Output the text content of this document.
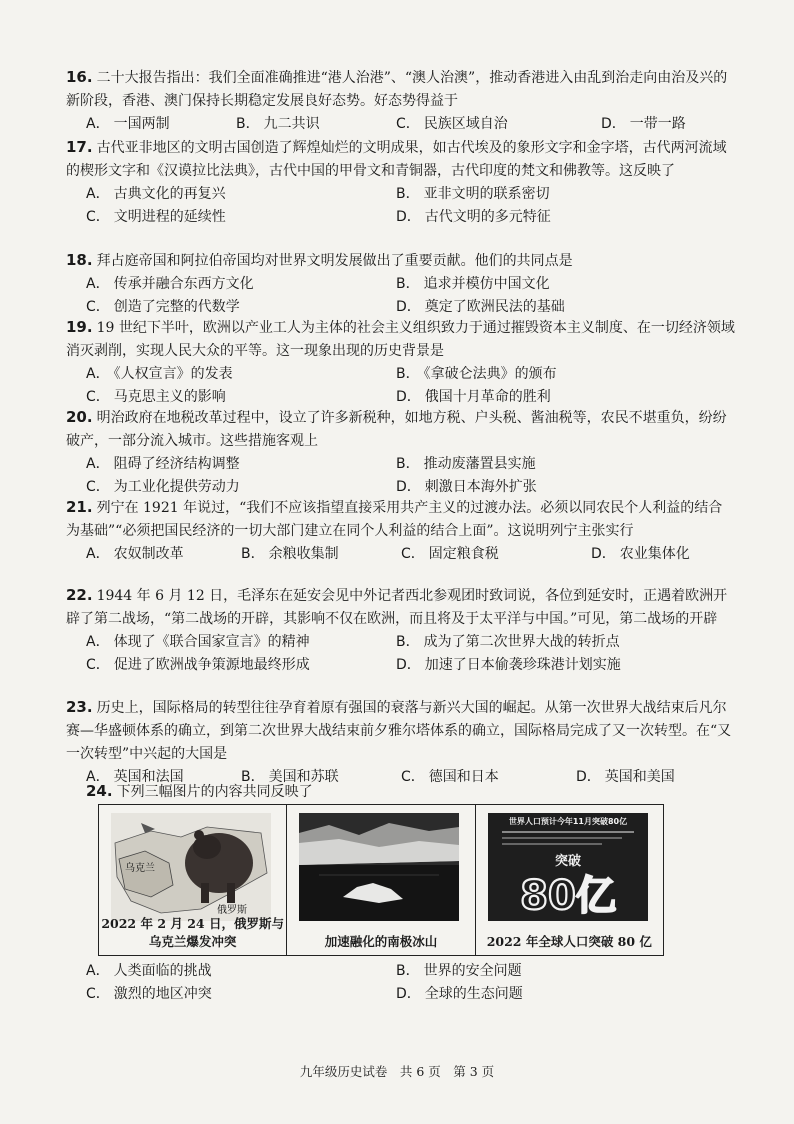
16. 二十大报告指出：我们全面准确推进“港人治港”、“澳人治澳”，推动香港进入由乱到治走向由治及兴的新阶段，香港、澳门保持长期稳定发展良好态势。好态势得益于
A． 一国两制	B． 九二共识	C． 民族区域自治	D． 一带一路
17. 古代亚非地区的文明古国创造了辉煌灿烂的文明成果，如古代埃及的象形文字和金字塔，古代两河流域的楔形文字和《汉谟拉比法典》，古代中国的甲骨文和青铜器，古代印度的梵文和佛教等。这反映了
A． 古典文化的再复兴	B． 亚非文明的联系密切
C． 文明进程的延续性	D． 古代文明的多元特征
18. 拜占庭帝国和阿拉伯帝国均对世界文明发展做出了重要贡献。他们的共同点是
A． 传承并融合东西方文化	B． 追求并模仿中国文化
C． 创造了完整的代数学	D． 奠定了欧洲民法的基础
19. 19 世纪下半叶，欧洲以产业工人为主体的社会主义组织致力于通过摧毁资本主义制度、在一切经济领域消灭剥削，实现人民大众的平等。这一现象出现的历史背景是
A． 《人权宣言》的发表	B． 《拿破仑法典》的颁布
C． 马克思主义的影响	D． 俄国十月革命的胜利
20. 明治政府在地税改革过程中，设立了许多新税种，如地方税、户头税、酱油税等，农民不堪重负，纷纷破产，一部分流入城市。这些措施客观上
A． 阻碍了经济结构调整	B． 推动废藩置县实施
C． 为工业化提供劳动力	D． 刺激日本海外扩张
21. 列宁在 1921 年说过，“我们不应该指望直接采用共产主义的过渡办法。必须以同农民个人利益的结合为基础”“必须把国民经济的一切大部门建立在同个人利益的结合上面”。这说明列宁主张实行
A． 农奴制改革	B． 余粮收集制	C． 固定粮食税	D． 农业集体化
22. 1944 年 6 月 12 日，毛泽东在延安会见中外记者西北参观团时致词说，各位到延安时，正遇着欧洲开辟了第二战场，“第二战场的开辟，其影响不仅在欧洲，而且将及于太平洋与中国。”可见，第二战场的开辟
A． 体现了《联合国家宣言》的精神	B． 成为了第二次世界大战的转折点
C． 促进了欧洲战争策源地最终形成	D． 加速了日本偷袭珍珠港计划实施
23. 历史上，国际格局的转型往往孕育着原有强国的衰落与新兴大国的崛起。从第一次世界大战结束后凡尔赛—华盛顿体系的确立，到第二次世界大战结束前夕雅尔塔体系的确立，国际格局完成了又一次转型。在“又一次转型”中兴起的大国是
A． 英国和法国	B． 美国和苏联	C． 德国和日本	D． 英国和美国
24. 下列三幅图片的内容共同反映了
乌克兰
俄罗斯
2022 年 2 月 24 日，俄罗斯与乌克兰爆发冲突	加速融化的南极冰山
世界人口预计今年11月突破80亿
突破
80亿
2022 年全球人口突破 80 亿
A． 人类面临的挑战	B． 世界的安全问题
C． 激烈的地区冲突	D． 全球的生态问题
九年级历史试卷　共 6 页　第 3 页
